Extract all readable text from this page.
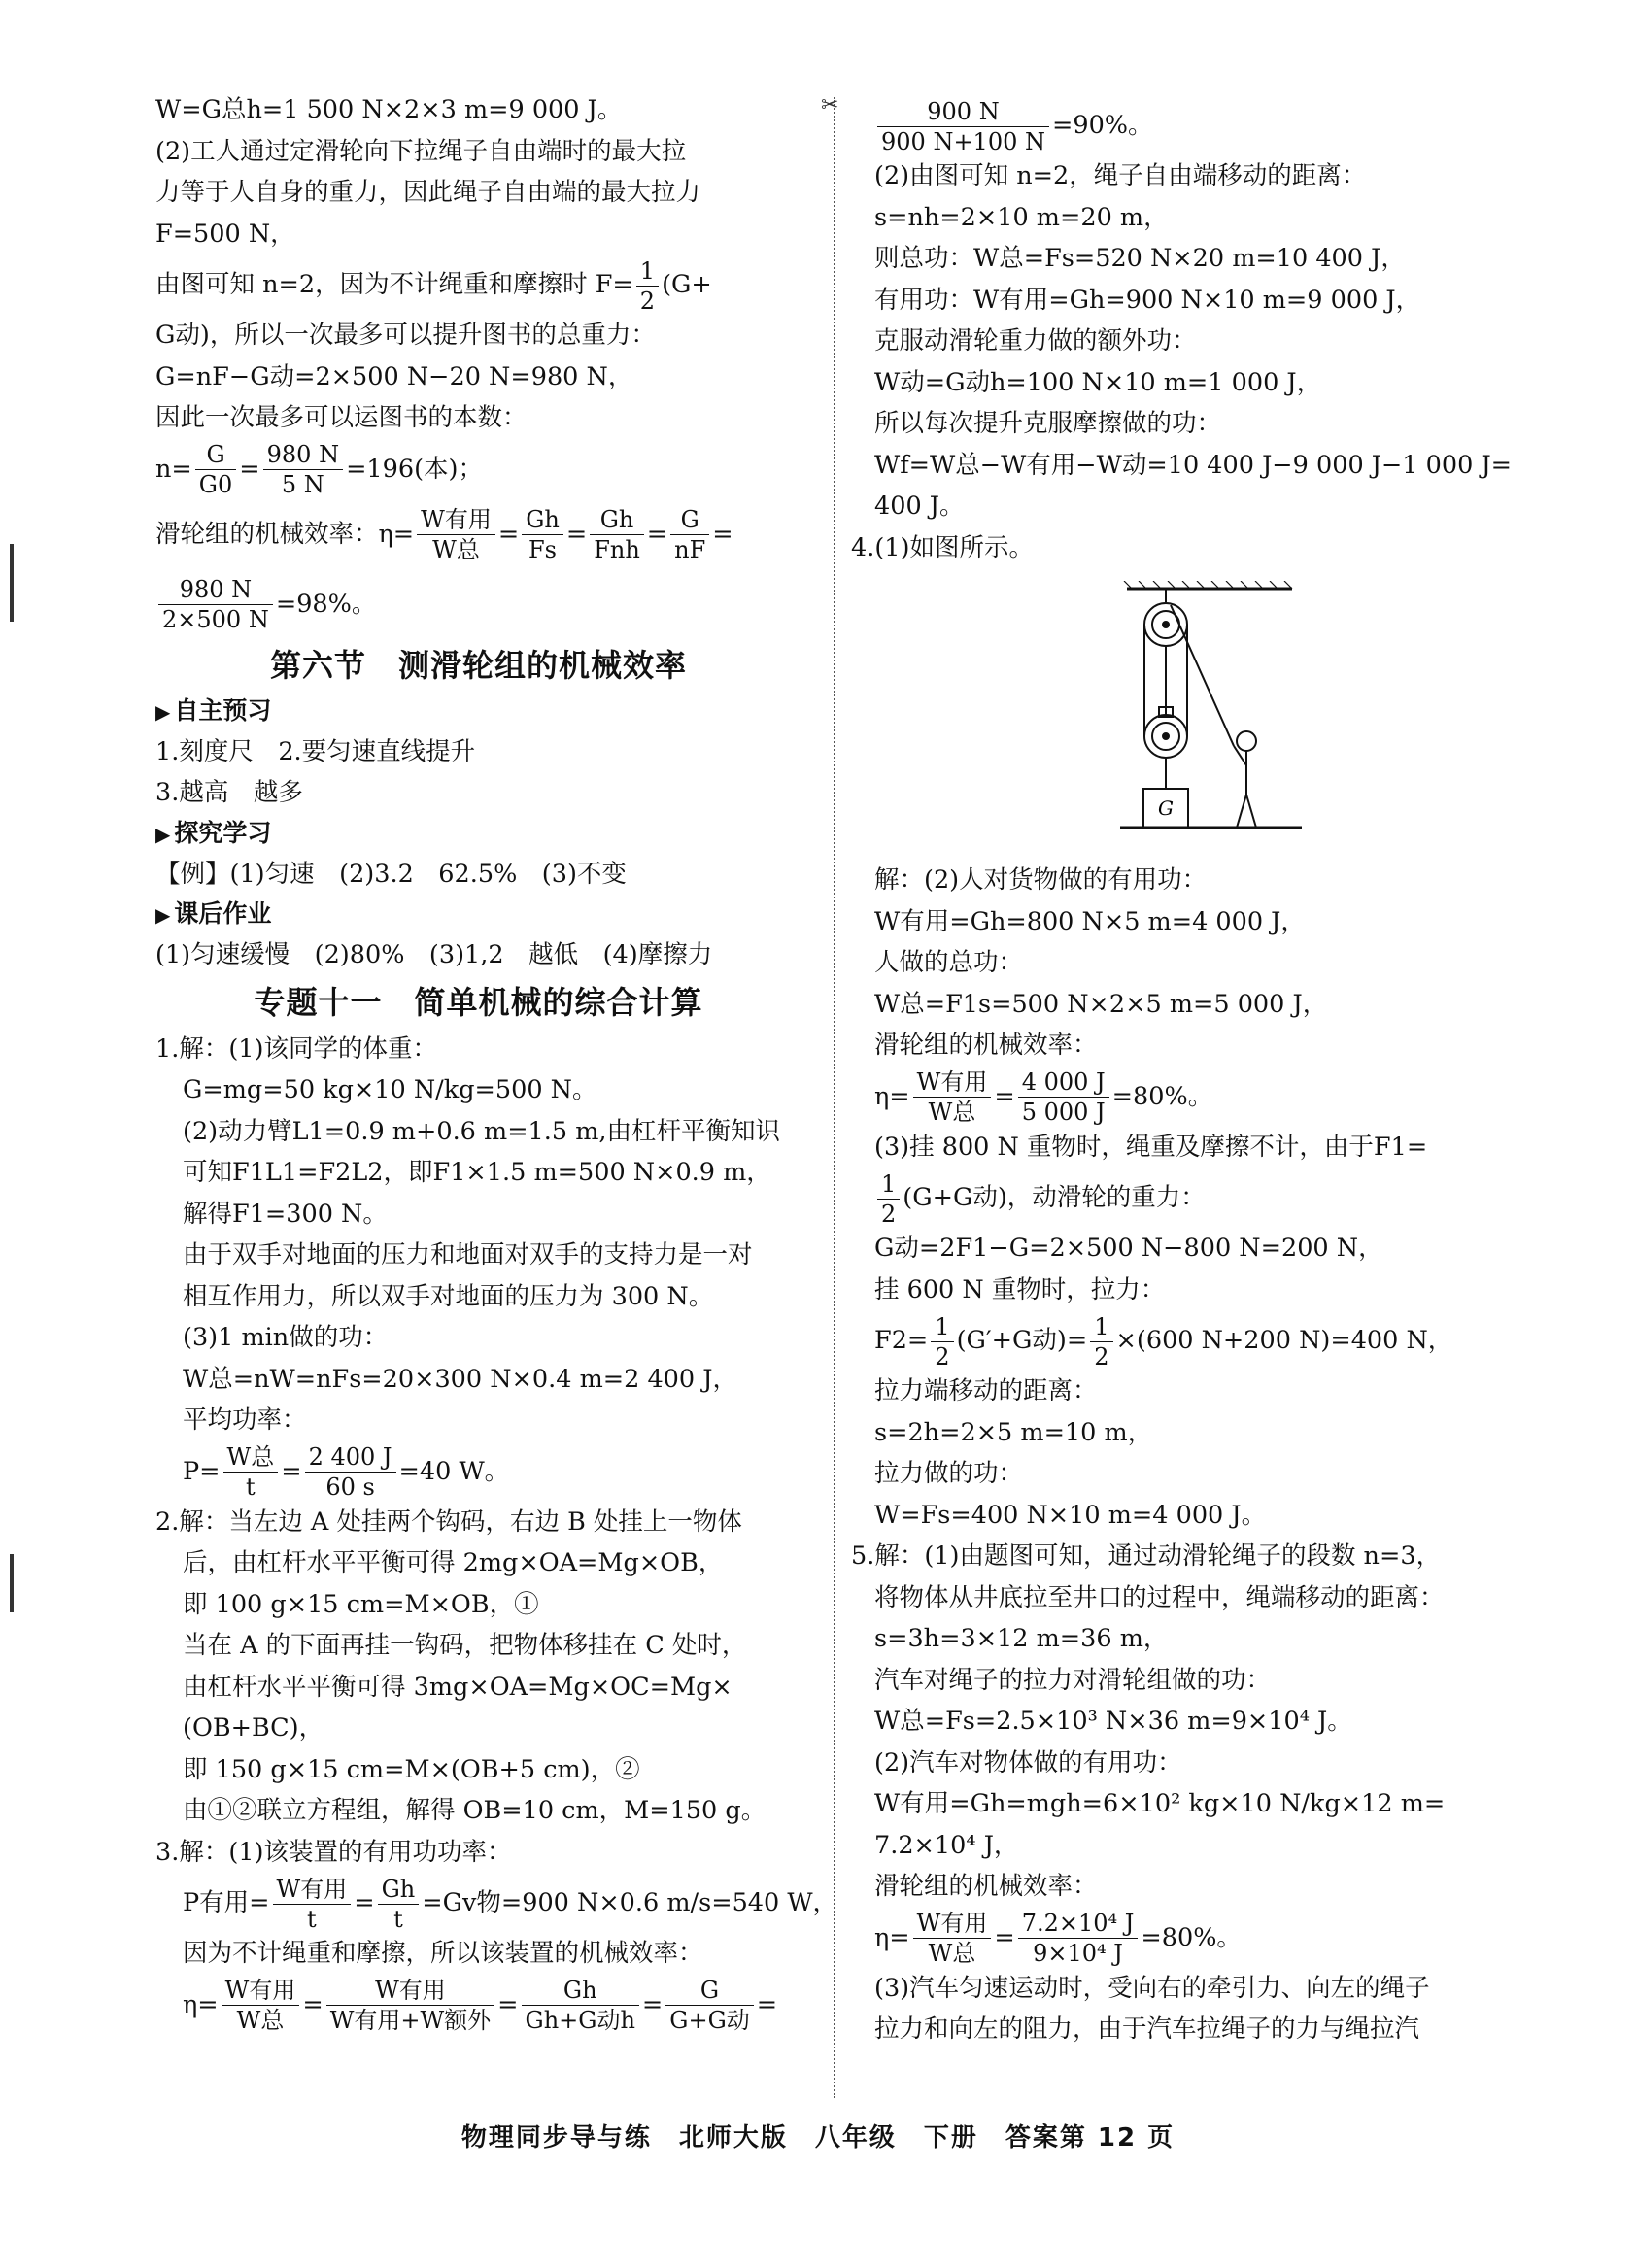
✂
W=G总h=1 500 N×2×3 m=9 000 J。
(2)工人通过定滑轮向下拉绳子自由端时的最大拉
力等于人自身的重力，因此绳子自由端的最大拉力
F=500 N，
由图可知 n=2，因为不计绳重和摩擦时 $F= \frac{1}{2} (G+$
G动)，所以一次最多可以提升图书的总重力：
G=nF−G动=2×500 N−20 N=980 N，
因此一次最多可以运图书的本数：
$n= \frac{G}{G0} = \frac{980 N}{5 N} =196$(本)；
滑轮组的机械效率：$\eta= \frac{\text{W有用}}{\text{W总}} = \frac{Gh}{Fs} = \frac{Gh}{\text{Fnh}} = \frac{G}{nF}$ =
$\frac{980 N}{2\times 500 N} =98\%$。
第六节　测滑轮组的机械效率
▶ 自主预习
1.刻度尺　2.要匀速直线提升
3.越高　越多
▶ 探究学习
【例】(1)匀速　(2)3.2　62.5%　(3)不变
▶ 课后作业
(1)匀速缓慢　(2)80%　(3)1,2　越低　(4)摩擦力
专题十一　简单机械的综合计算
1.解：(1)该同学的体重：
G=mg=50 kg×10 N/kg=500 N。
(2)动力臂L1=0.9 m+0.6 m=1.5 m,由杠杆平衡知识
可知F1L1=F2L2，即F1×1.5 m=500 N×0.9 m，
解得F1=300 N。
由于双手对地面的压力和地面对双手的支持力是一对
相互作用力，所以双手对地面的压力为 300 N。
(3)1 min做的功：
W总=nW=nFs=20×300 N×0.4 m=2 400 J，
平均功率：
$P= \frac{\text{W总}}{t} = \frac{2 400 J}{60 s} =40$ W。
2.解：当左边 A 处挂两个钩码，右边 B 处挂上一物体
后，由杠杆水平平衡可得 2mg×OA=Mg×OB，
即 100 g×15 cm=M×OB，①
当在 A 的下面再挂一钩码，把物体移挂在 C 处时，
由杠杆水平平衡可得 3mg×OA=Mg×OC=Mg×
(OB+BC)，
即 150 g×15 cm=M×(OB+5 cm)，②
由①②联立方程组，解得 OB=10 cm，M=150 g。
3.解：(1)该装置的有用功功率：
P有用= $\frac{\text{W有用}}{t} = \frac{Gh}{t} =Gv$物=900 N×0.6 m/s=540 W，
因为不计绳重和摩擦，所以该装置的机械效率：
$\eta= \frac{\text{W有用}}{\text{W总}} = \frac{\text{W有用}}{\text{W有用+W额外}} = \frac{Gh}{\text{Gh+G动h}} = \frac{G}{\text{G+G动}}$ =
$\frac{900 N}{900 N+100 N} =90\%$。
(2)由图可知 n=2，绳子自由端移动的距离：
s=nh=2×10 m=20 m，
则总功：W总=Fs=520 N×20 m=10 400 J，
有用功：W有用=Gh=900 N×10 m=9 000 J，
克服动滑轮重力做的额外功：
W动=G动h=100 N×10 m=1 000 J，
所以每次提升克服摩擦做的功：
Wf=W总−W有用−W动=10 400 J−9 000 J−1 000 J=
400 J。
4.(1)如图所示。
解：(2)人对货物做的有用功：
W有用=Gh=800 N×5 m=4 000 J，
人做的总功：
W总=F1s=500 N×2×5 m=5 000 J，
滑轮组的机械效率：
$\eta= \frac{\text{W有用}}{\text{W总}} = \frac{4 000 J}{5 000 J} =80\%$。
(3)挂 800 N 重物时，绳重及摩擦不计，由于F1=
$\frac{1}{2} (G+G$动)，动滑轮的重力：
G动=2F1−G=2×500 N−800 N=200 N，
挂 600 N 重物时，拉力：
$F2= \frac{1}{2} (G'+G$动)= $\frac{1}{2} \times(600$ N+200 N)=400 N，
拉力端移动的距离：
s=2h=2×5 m=10 m，
拉力做的功：
W=Fs=400 N×10 m=4 000 J。
5.解：(1)由题图可知，通过动滑轮绳子的段数 n=3，
将物体从井底拉至井口的过程中，绳端移动的距离：
s=3h=3×12 m=36 m，
汽车对绳子的拉力对滑轮组做的功：
W总=Fs=2.5×10³ N×36 m=9×10⁴ J。
(2)汽车对物体做的有用功：
W有用=Gh=mgh=6×10² kg×10 N/kg×12 m=
7.2×10⁴ J，
滑轮组的机械效率：
$\eta= \frac{\text{W有用}}{\text{W总}} = \frac{\text{7.2×10⁴ J}}{\text{9×10⁴ J}} =80\%$。
(3)汽车匀速运动时，受向右的牵引力、向左的绳子
拉力和向左的阻力，由于汽车拉绳子的力与绳拉汽
G
物理同步导与练　北师大版　八年级　下册　答案第 12 页
